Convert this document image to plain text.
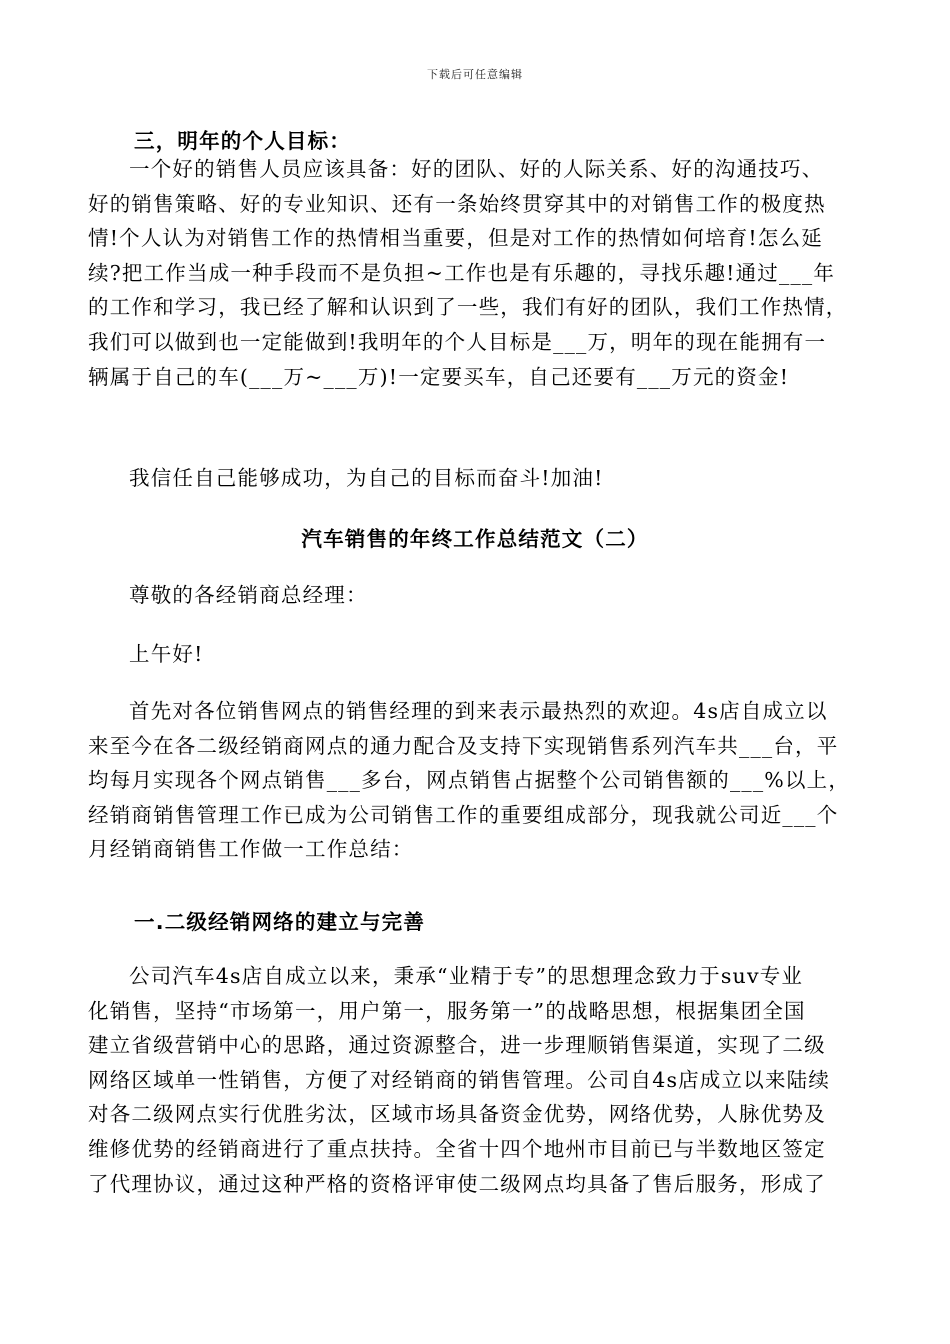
下载后可任意编辑
三，明年的个人目标：
一个好的销售人员应该具备：好的团队、好的人际关系、好的沟通技巧、
好的销售策略、好的专业知识、还有一条始终贯穿其中的对销售工作的极度热
情!个人认为对销售工作的热情相当重要，但是对工作的热情如何培育!怎么延
续?把工作当成一种手段而不是负担~工作也是有乐趣的，寻找乐趣!通过___年
的工作和学习，我已经了解和认识到了一些，我们有好的团队，我们工作热情，
我们可以做到也一定能做到!我明年的个人目标是___万，明年的现在能拥有一
辆属于自己的车(___万~___万)!一定要买车，自己还要有___万元的资金!
我信任自己能够成功，为自己的目标而奋斗!加油!
汽车销售的年终工作总结范文（二）
尊敬的各经销商总经理：
上午好!
首先对各位销售网点的销售经理的到来表示最热烈的欢迎。4s店自成立以
来至今在各二级经销商网点的通力配合及支持下实现销售系列汽车共___台，平
均每月实现各个网点销售___多台，网点销售占据整个公司销售额的___%以上，
经销商销售管理工作已成为公司销售工作的重要组成部分，现我就公司近___个
月经销商销售工作做一工作总结：
一.二级经销网络的建立与完善
公司汽车4s店自成立以来，秉承“业精于专”的思想理念致力于suv专业
化销售，坚持“市场第一，用户第一，服务第一”的战略思想，根据集团全国
建立省级营销中心的思路，通过资源整合，进一步理顺销售渠道，实现了二级
网络区域单一性销售，方便了对经销商的销售管理。公司自4s店成立以来陆续
对各二级网点实行优胜劣汰，区域市场具备资金优势，网络优势，人脉优势及
维修优势的经销商进行了重点扶持。全省十四个地州市目前已与半数地区签定
了代理协议，通过这种严格的资格评审使二级网点均具备了售后服务，形成了
